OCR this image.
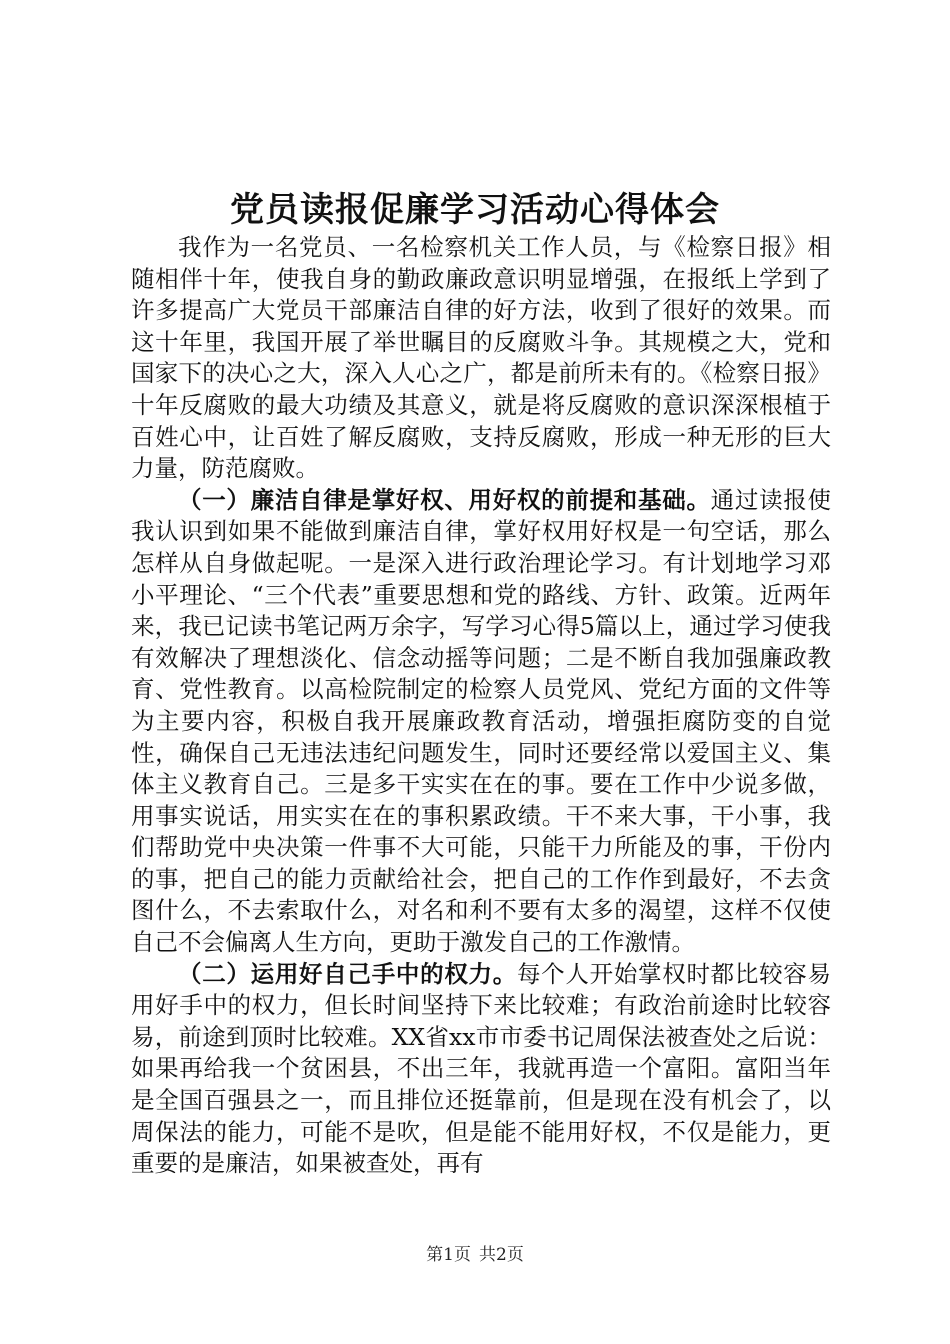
党员读报促廉学习活动心得体会

我作为一名党员、一名检察机关工作人员，与《检察日报》相随相伴十年，使我自身的勤政廉政意识明显增强，在报纸上学到了许多提高广大党员干部廉洁自律的好方法，收到了很好的效果。而这十年里，我国开展了举世瞩目的反腐败斗争。其规模之大，党和国家下的决心之大，深入人心之广，都是前所未有的。《检察日报》十年反腐败的最大功绩及其意义，就是将反腐败的意识深深根植于百姓心中，让百姓了解反腐败，支持反腐败，形成一种无形的巨大力量，防范腐败。

（一）廉洁自律是掌好权、用好权的前提和基础。通过读报使我认识到如果不能做到廉洁自律，掌好权用好权是一句空话，那么怎样从自身做起呢。一是深入进行政治理论学习。有计划地学习邓小平理论、“三个代表”重要思想和党的路线、方针、政策。近两年来，我已记读书笔记两万余字，写学习心得5篇以上，通过学习使我有效解决了理想淡化、信念动摇等问题；二是不断自我加强廉政教育、党性教育。以高检院制定的检察人员党风、党纪方面的文件等为主要内容，积极自我开展廉政教育活动，增强拒腐防变的自觉性，确保自己无违法违纪问题发生，同时还要经常以爱国主义、集体主义教育自己。三是多干实实在在的事。要在工作中少说多做，用事实说话，用实实在在的事积累政绩。干不来大事，干小事，我们帮助党中央决策一件事不大可能，只能干力所能及的事，干份内的事，把自己的能力贡献给社会，把自己的工作作到最好，不去贪图什么，不去索取什么，对名和利不要有太多的渴望，这样不仅使自己不会偏离人生方向，更助于激发自己的工作激情。

（二）运用好自己手中的权力。每个人开始掌权时都比较容易用好手中的权力，但长时间坚持下来比较难；有政治前途时比较容易，前途到顶时比较难。XX省xx市市委书记周保法被查处之后说：如果再给我一个贫困县，不出三年，我就再造一个富阳。富阳当年是全国百强县之一，而且排位还挺靠前，但是现在没有机会了，以周保法的能力，可能不是吹，但是能不能用好权，不仅是能力，更重要的是廉洁，如果被查处，再有

第1页 共2页
